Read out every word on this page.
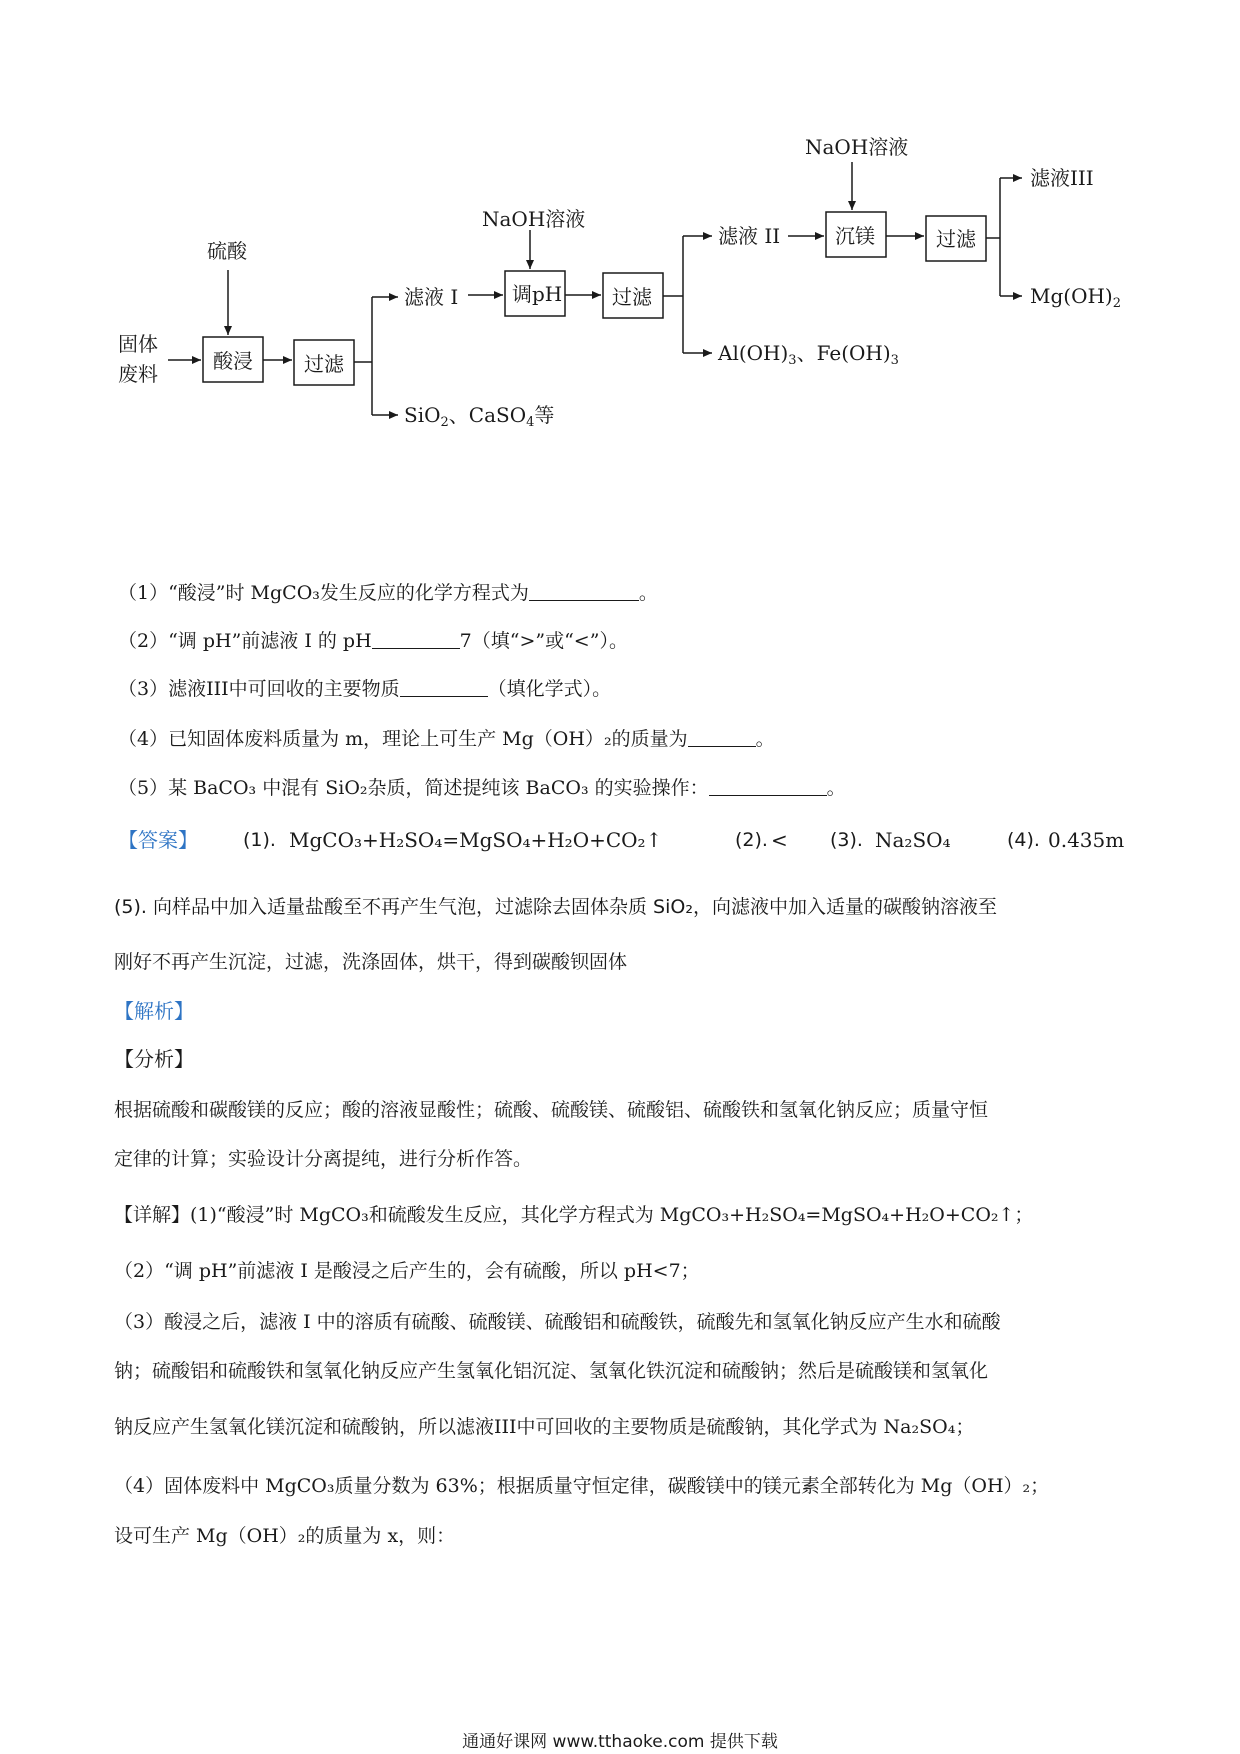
固体
废料
硫酸
酸浸	过滤
滤液 I
SiO$_2$、CaSO$_4$等
NaOH溶液
调pH 过滤
滤液 II
$Al(OH)_3$、$Fe(OH)_3$
NaOH溶液
沉镁	过滤
滤液III
$Mg(OH)_2$
（1）“酸浸”时 MgCO₃发生反应的化学方程式为	。
（2）“调 pH”前滤液 I 的 pH	7（填“>”或“<”）。
（3）滤液III中可回收的主要物质	（填化学式）。
（4）已知固体废料质量为 m，理论上可生产 Mg（OH）₂的质量为	。
（5）某 BaCO₃ 中混有 SiO₂杂质，简述提纯该 BaCO₃ 的实验操作：	。
【答案】 (1). MgCO₃+H₂SO₄=MgSO₄+H₂O+CO₂↑	(2). < (3). Na₂SO₄	(4). 0.435m
(5). 向样品中加入适量盐酸至不再产生气泡，过滤除去固体杂质 SiO₂，向滤液中加入适量的碳酸钠溶液至
刚好不再产生沉淀，过滤，洗涤固体，烘干，得到碳酸钡固体
【解析】
【分析】
根据硫酸和碳酸镁的反应；酸的溶液显酸性；硫酸、硫酸镁、硫酸铝、硫酸铁和氢氧化钠反应；质量守恒
定律的计算；实验设计分离提纯，进行分析作答。
【详解】(1)“酸浸”时 MgCO₃和硫酸发生反应，其化学方程式为 MgCO₃+H₂SO₄=MgSO₄+H₂O+CO₂↑；
（2）“调 pH”前滤液 I 是酸浸之后产生的，会有硫酸，所以 pH<7；
（3）酸浸之后，滤液 I 中的溶质有硫酸、硫酸镁、硫酸铝和硫酸铁，硫酸先和氢氧化钠反应产生水和硫酸
钠；硫酸铝和硫酸铁和氢氧化钠反应产生氢氧化铝沉淀、氢氧化铁沉淀和硫酸钠；然后是硫酸镁和氢氧化
钠反应产生氢氧化镁沉淀和硫酸钠，所以滤液III中可回收的主要物质是硫酸钠，其化学式为 Na₂SO₄；
（4）固体废料中 MgCO₃质量分数为 63%；根据质量守恒定律，碳酸镁中的镁元素全部转化为 Mg（OH）₂；
设可生产 Mg（OH）₂的质量为 x，则：
通通好课网 www.tthaoke.com 提供下载
